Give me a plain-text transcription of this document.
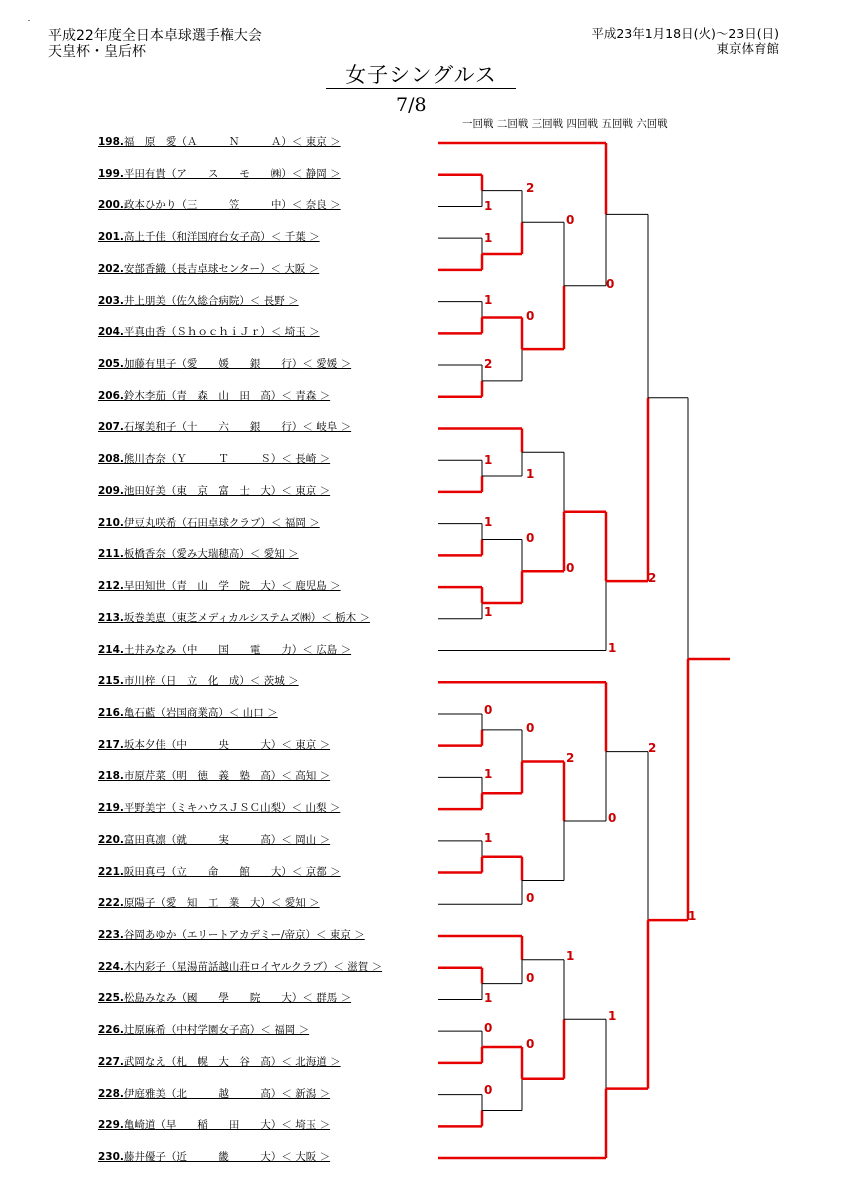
平成22年度全日本卓球選手権大会
天皇杯・皇后杯
平成23年1月18日(火)〜23日(日)
東京体育館
女子シングルス
7/8
一回戦 二回戦 三回戦 四回戦 五回戦 六回戦
198.福　原　愛（Ａ　　　Ｎ　　　Ａ）＜ 東京 ＞
199.平田有貴（ア　　ス　　モ　　㈱）＜ 静岡 ＞
200.政本ひかり（三　　　笠　　　中）＜ 奈良 ＞
201.高上千佳（和洋国府台女子高）＜ 千葉 ＞
202.安部香織（長吉卓球センター）＜ 大阪 ＞
203.井上朋美（佐久総合病院）＜ 長野 ＞
204.平真由香（ＳｈｏｃｈｉＪｒ）＜ 埼玉 ＞
205.加藤有里子（愛　　媛　　銀　　行）＜ 愛媛 ＞
206.鈴木李茄（青　森　山　田　高）＜ 青森 ＞
207.石塚美和子（十　　六　　銀　　行）＜ 岐阜 ＞
208.熊川杏奈（Ｙ　　　Ｔ　　　Ｓ）＜ 長崎 ＞
209.池田好美（東　京　富　士　大）＜ 東京 ＞
210.伊豆丸咲希（石田卓球クラブ）＜ 福岡 ＞
211.板橋香奈（愛み大瑞穂高）＜ 愛知 ＞
212.早田知世（青　山　学　院　大）＜ 鹿児島 ＞
213.坂巻美恵（東芝メディカルシステムズ㈱）＜ 栃木 ＞
214.土井みなみ（中　　国　　電　　力）＜ 広島 ＞
215.市川梓（日　立　化　成）＜ 茨城 ＞
216.亀石藍（岩国商業高）＜ 山口 ＞
217.坂本夕佳（中　　　央　　　大）＜ 東京 ＞
218.市原芹菜（明　徳　義　塾　高）＜ 高知 ＞
219.平野美宇（ミキハウスＪＳＣ山梨）＜ 山梨 ＞
220.富田真凛（就　　　実　　　高）＜ 岡山 ＞
221.阪田真弓（立　　命　　館　　大）＜ 京都 ＞
222.原陽子（愛　知　工　業　大）＜ 愛知 ＞
223.谷岡あゆか（エリートアカデミー/帝京）＜ 東京 ＞
224.木内彩子（星湯苗話越山荘ロイヤルクラブ）＜ 滋賀 ＞
225.松島みなみ（國　　學　　院　　大）＜ 群馬 ＞
226.辻原麻希（中村学園女子高）＜ 福岡 ＞
227.武岡なえ（札　幌　大　谷　高）＜ 北海道 ＞
228.伊庭雅美（北　　　越　　　高）＜ 新潟 ＞
229.亀崎道（早　　稲　　田　　大）＜ 埼玉 ＞
230.藤井優子（近　　　畿　　　大）＜ 大阪 ＞
2
1
1
0
1
0
2
0
1
1
1
0
0
1
2
1
0
0
1
2
2
1
0
0
1
1
0
0
0
1
0
1
